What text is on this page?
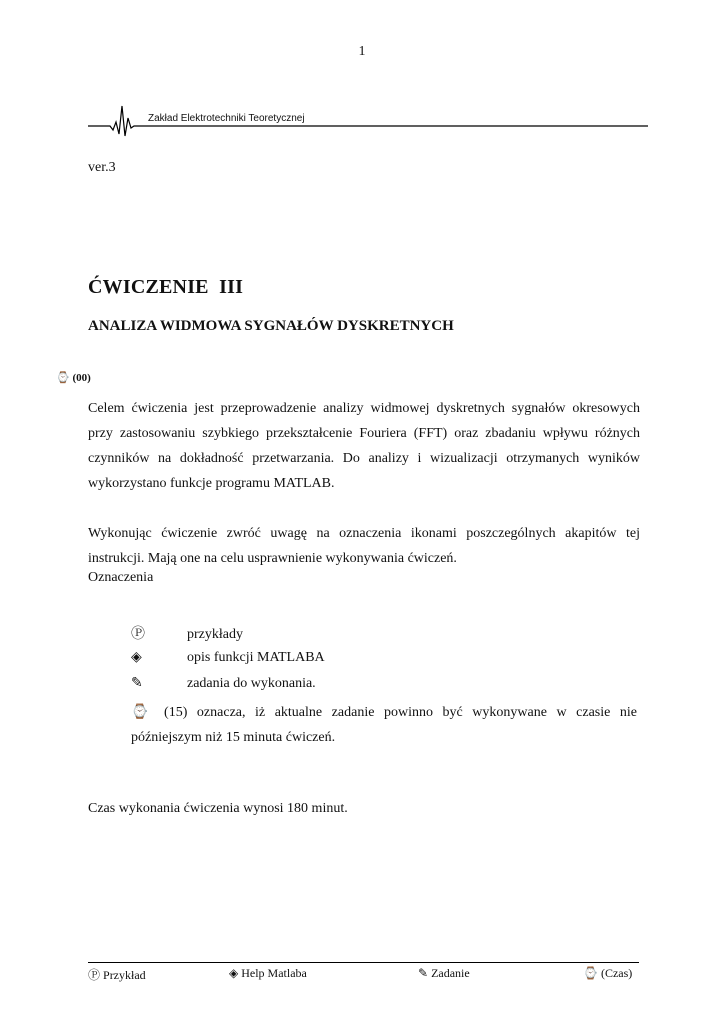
1
Zakład Elektrotechniki Teoretycznej
ver.3
ĆWICZENIE  III
ANALIZA WIDMOWA SYGNAŁÓW DYSKRETNYCH
⌚ (00)
Celem ćwiczenia jest przeprowadzenie analizy widmowej dyskretnych sygnałów okresowych przy zastosowaniu szybkiego przekształcenie Fouriera (FFT) oraz zbadaniu wpływu różnych czynników na dokładność przetwarzania. Do analizy i wizualizacji otrzymanych wyników wykorzystano funkcje programu MATLAB.
Wykonując ćwiczenie zwróć uwagę na oznaczenia ikonami poszczególnych akapitów tej instrukcji. Mają one na celu usprawnienie wykonywania ćwiczeń.
Oznaczenia
Ⓟ	przykłady
◈	opis funkcji MATLABA
✎	zadania do wykonania.
⌚ (15) oznacza, iż aktualne zadanie powinno być wykonywane w czasie nie późniejszym niż 15 minuta ćwiczeń.
Czas wykonania ćwiczenia wynosi 180 minut.
Ⓟ Przykład	◈ Help Matlaba	✎ Zadanie	⌚ (Czas)
